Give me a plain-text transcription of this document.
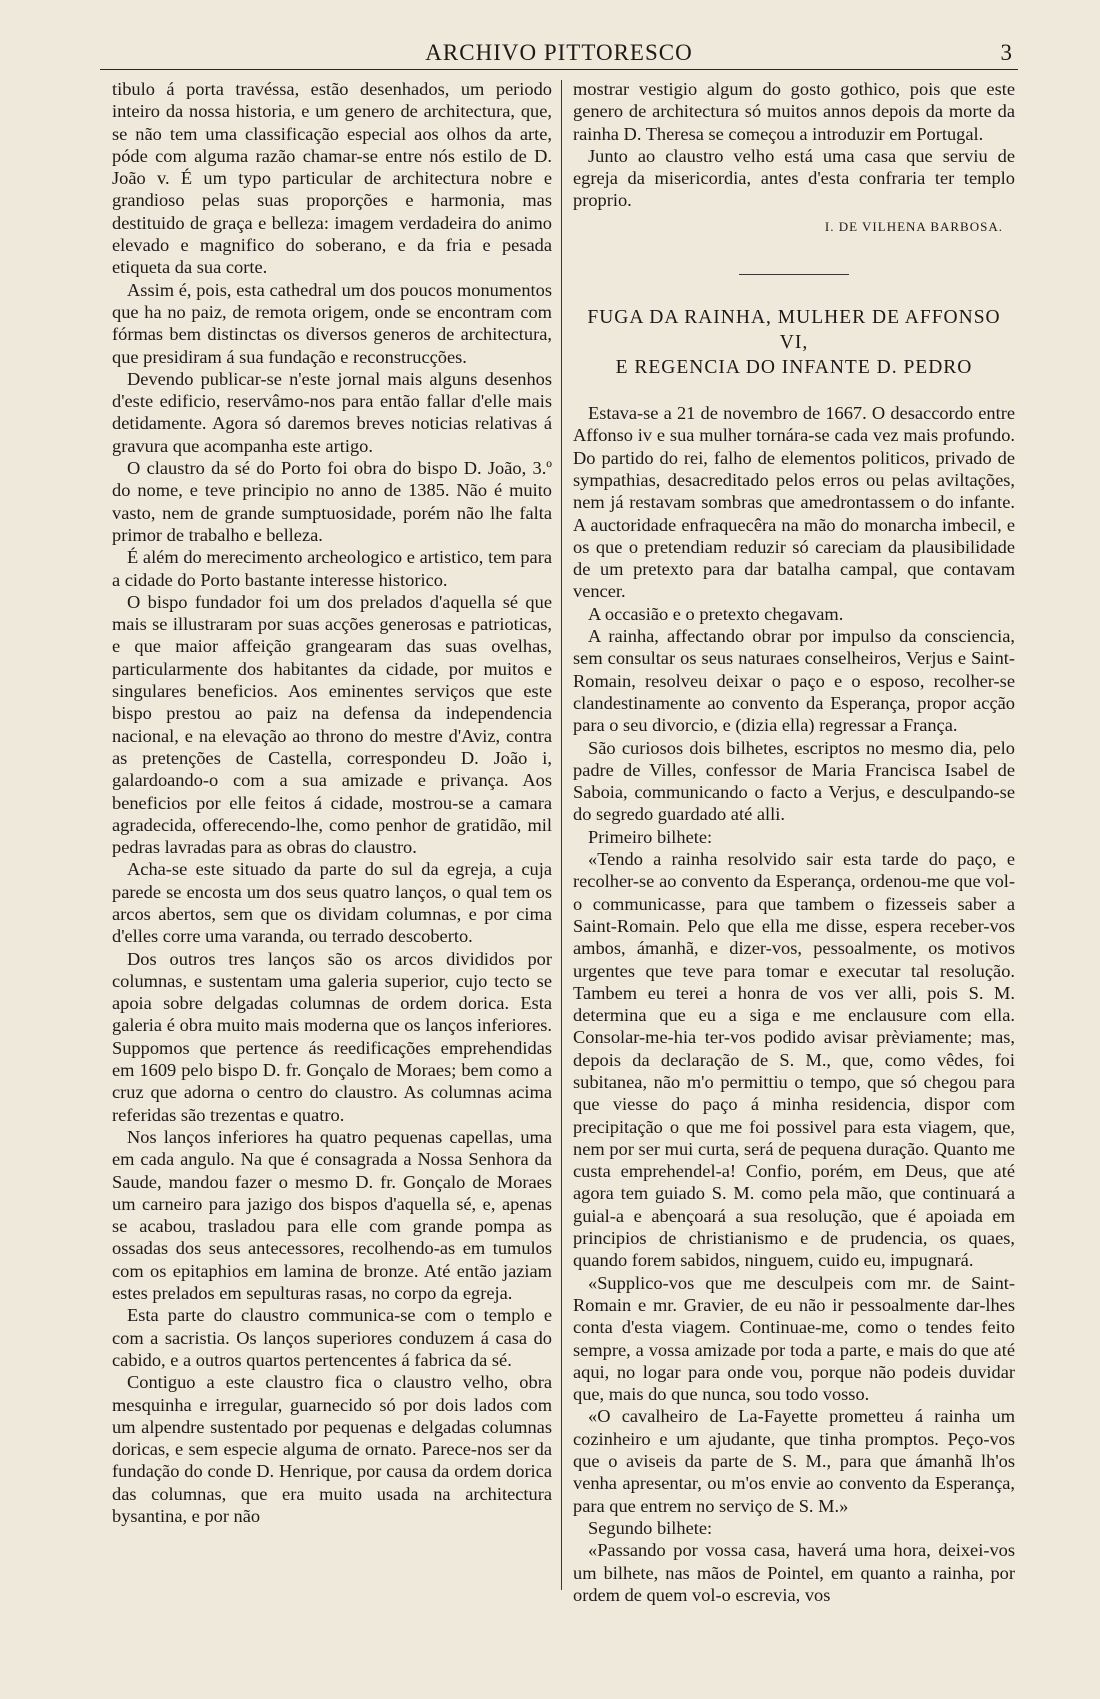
ARCHIVO PITTORESCO	3

tibulo á porta travéssa, estão desenhados, um periodo inteiro da nossa historia, e um genero de architectura, que, se não tem uma classificação especial aos olhos da arte, póde com alguma razão chamar-se entre nós estilo de D. João v. É um typo particular de architectura nobre e grandioso pelas suas proporções e harmonia, mas destituido de graça e belleza: imagem verdadeira do animo elevado e magnifico do soberano, e da fria e pesada etiqueta da sua corte.

Assim é, pois, esta cathedral um dos poucos monumentos que ha no paiz, de remota origem, onde se encontram com fórmas bem distinctas os diversos generos de architectura, que presidiram á sua fundação e reconstrucções.

Devendo publicar-se n'este jornal mais alguns desenhos d'este edificio, reservâmo-nos para então fallar d'elle mais detidamente. Agora só daremos breves noticias relativas á gravura que acompanha este artigo.

O claustro da sé do Porto foi obra do bispo D. João, 3.º do nome, e teve principio no anno de 1385. Não é muito vasto, nem de grande sumptuosidade, porém não lhe falta primor de trabalho e belleza.

É além do merecimento archeologico e artistico, tem para a cidade do Porto bastante interesse historico.

O bispo fundador foi um dos prelados d'aquella sé que mais se illustraram por suas acções generosas e patrioticas, e que maior affeição grangearam das suas ovelhas, particularmente dos habitantes da cidade, por muitos e singulares beneficios. Aos eminentes serviços que este bispo prestou ao paiz na defensa da independencia nacional, e na elevação ao throno do mestre d'Aviz, contra as pretenções de Castella, correspondeu D. João i, galardoando-o com a sua amizade e privança. Aos beneficios por elle feitos á cidade, mostrou-se a camara agradecida, offerecendo-lhe, como penhor de gratidão, mil pedras lavradas para as obras do claustro.

Acha-se este situado da parte do sul da egreja, a cuja parede se encosta um dos seus quatro lanços, o qual tem os arcos abertos, sem que os dividam columnas, e por cima d'elles corre uma varanda, ou terrado descoberto.

Dos outros tres lanços são os arcos divididos por columnas, e sustentam uma galeria superior, cujo tecto se apoia sobre delgadas columnas de ordem dorica. Esta galeria é obra muito mais moderna que os lanços inferiores. Suppomos que pertence ás reedificações emprehendidas em 1609 pelo bispo D. fr. Gonçalo de Moraes; bem como a cruz que adorna o centro do claustro. As columnas acima referidas são trezentas e quatro.

Nos lanços inferiores ha quatro pequenas capellas, uma em cada angulo. Na que é consagrada a Nossa Senhora da Saude, mandou fazer o mesmo D. fr. Gonçalo de Moraes um carneiro para jazigo dos bispos d'aquella sé, e, apenas se acabou, trasladou para elle com grande pompa as ossadas dos seus antecessores, recolhendo-as em tumulos com os epitaphios em lamina de bronze. Até então jaziam estes prelados em sepulturas rasas, no corpo da egreja.

Esta parte do claustro communica-se com o templo e com a sacristia. Os lanços superiores conduzem á casa do cabido, e a outros quartos pertencentes á fabrica da sé.

Contiguo a este claustro fica o claustro velho, obra mesquinha e irregular, guarnecido só por dois lados com um alpendre sustentado por pequenas e delgadas columnas doricas, e sem especie alguma de ornato. Parece-nos ser da fundação do conde D. Henrique, por causa da ordem dorica das columnas, que era muito usada na architectura bysantina, e por não

mostrar vestigio algum do gosto gothico, pois que este genero de architectura só muitos annos depois da morte da rainha D. Theresa se começou a introduzir em Portugal.

Junto ao claustro velho está uma casa que serviu de egreja da misericordia, antes d'esta confraria ter templo proprio.

I. DE VILHENA BARBOSA.
FUGA DA RAINHA, MULHER DE AFFONSO VI,
E REGENCIA DO INFANTE D. PEDRO

Estava-se a 21 de novembro de 1667. O desaccordo entre Affonso iv e sua mulher tornára-se cada vez mais profundo. Do partido do rei, falho de elementos politicos, privado de sympathias, desacreditado pelos erros ou pelas aviltações, nem já restavam sombras que amedrontassem o do infante. A auctoridade enfraquecêra na mão do monarcha imbecil, e os que o pretendiam reduzir só careciam da plausibilidade de um pretexto para dar batalha campal, que contavam vencer.

A occasião e o pretexto chegavam.

A rainha, affectando obrar por impulso da consciencia, sem consultar os seus naturaes conselheiros, Verjus e Saint-Romain, resolveu deixar o paço e o esposo, recolher-se clandestinamente ao convento da Esperança, propor acção para o seu divorcio, e (dizia ella) regressar a França.

São curiosos dois bilhetes, escriptos no mesmo dia, pelo padre de Villes, confessor de Maria Francisca Isabel de Saboia, communicando o facto a Verjus, e desculpando-se do segredo guardado até alli.

Primeiro bilhete:

«Tendo a rainha resolvido sair esta tarde do paço, e recolher-se ao convento da Esperança, ordenou-me que vol-o communicasse, para que tambem o fizesseis saber a Saint-Romain. Pelo que ella me disse, espera receber-vos ambos, ámanhã, e dizer-vos, pessoalmente, os motivos urgentes que teve para tomar e executar tal resolução. Tambem eu terei a honra de vos ver alli, pois S. M. determina que eu a siga e me enclausure com ella. Consolar-me-hia ter-vos podido avisar prèviamente; mas, depois da declaração de S. M., que, como vêdes, foi subitanea, não m'o permittiu o tempo, que só chegou para que viesse do paço á minha residencia, dispor com precipitação o que me foi possivel para esta viagem, que, nem por ser mui curta, será de pequena duração. Quanto me custa emprehendel-a! Confio, porém, em Deus, que até agora tem guiado S. M. como pela mão, que continuará a guial-a e abençoará a sua resolução, que é apoiada em principios de christianismo e de prudencia, os quaes, quando forem sabidos, ninguem, cuido eu, impugnará.

«Supplico-vos que me desculpeis com mr. de Saint-Romain e mr. Gravier, de eu não ir pessoalmente dar-lhes conta d'esta viagem. Continuae-me, como o tendes feito sempre, a vossa amizade por toda a parte, e mais do que até aqui, no logar para onde vou, porque não podeis duvidar que, mais do que nunca, sou todo vosso.

«O cavalheiro de La-Fayette prometteu á rainha um cozinheiro e um ajudante, que tinha promptos. Peço-vos que o aviseis da parte de S. M., para que ámanhã lh'os venha apresentar, ou m'os envie ao convento da Esperança, para que entrem no serviço de S. M.»

Segundo bilhete:

«Passando por vossa casa, haverá uma hora, deixei-vos um bilhete, nas mãos de Pointel, em quanto a rainha, por ordem de quem vol-o escrevia, vos
